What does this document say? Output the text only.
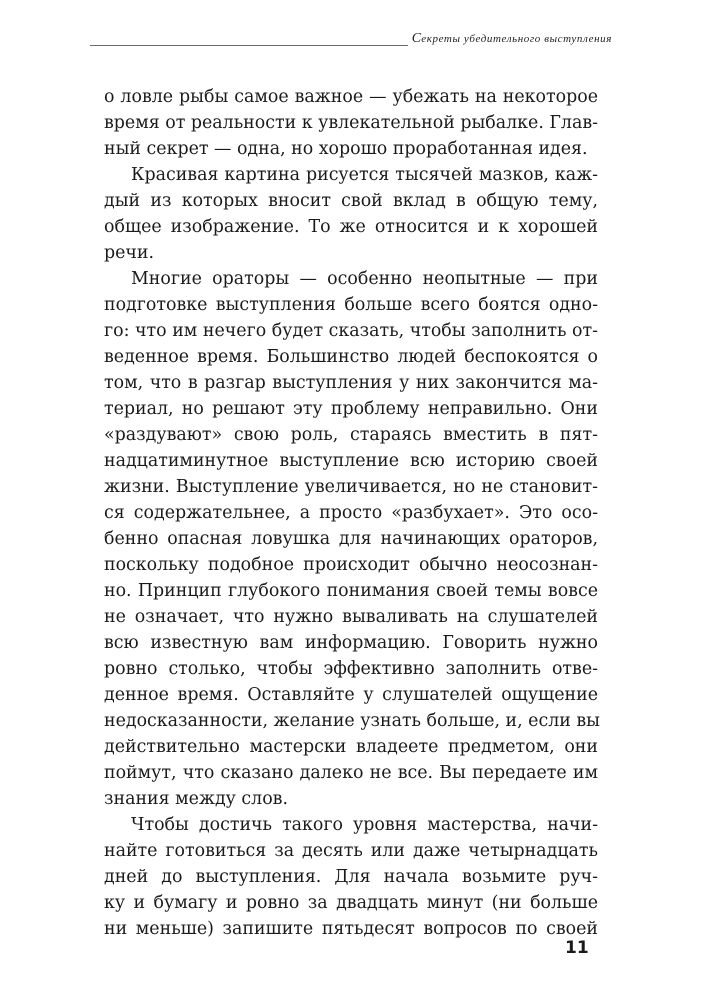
Секреты убедительного выступления
о ловле рыбы самое важное — убежать на некоторое
время от реальности к увлекательной рыбалке. Глав-
ный секрет — одна, но хорошо проработанная идея.
Красивая картина рисуется тысячей мазков, каж-
дый из которых вносит свой вклад в общую тему,
общее изображение. То же относится и к хорошей
речи.
Многие ораторы — особенно неопытные — при
подготовке выступления больше всего боятся одно-
го: что им нечего будет сказать, чтобы заполнить от-
веденное время. Большинство людей беспокоятся о
том, что в разгар выступления у них закончится ма-
териал, но решают эту проблему неправильно. Они
«раздувают» свою роль, стараясь вместить в пят-
надцатиминутное выступление всю историю своей
жизни. Выступление увеличивается, но не становит-
ся содержательнее, а просто «разбухает». Это осо-
бенно опасная ловушка для начинающих ораторов,
поскольку подобное происходит обычно неосознан-
но. Принцип глубокого понимания своей темы вовсе
не означает, что нужно вываливать на слушателей
всю известную вам информацию. Говорить нужно
ровно столько, чтобы эффективно заполнить отве-
денное время. Оставляйте у слушателей ощущение
недосказанности, желание узнать больше, и, если вы
действительно мастерски владеете предметом, они
поймут, что сказано далеко не все. Вы передаете им
знания между слов.
Чтобы достичь такого уровня мастерства, начи-
найте готовиться за десять или даже четырнадцать
дней до выступления. Для начала возьмите руч-
ку и бумагу и ровно за двадцать минут (ни больше
ни меньше) запишите пятьдесят вопросов по своей
11
